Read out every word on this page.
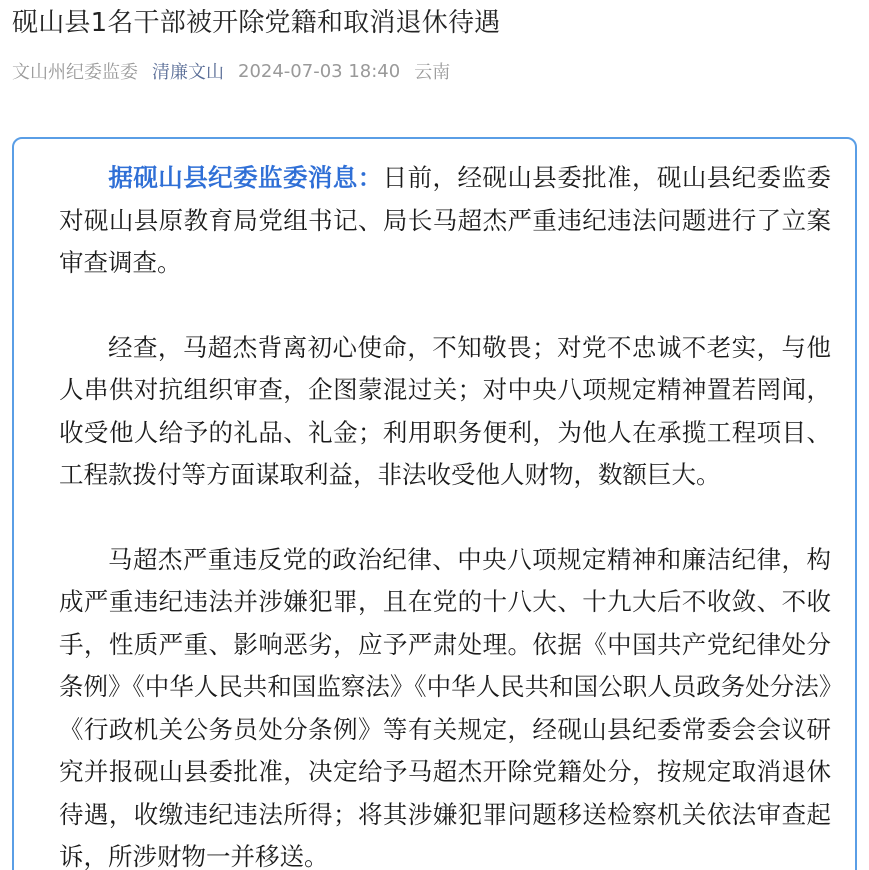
砚山县1名干部被开除党籍和取消退休待遇
文山州纪委监委 清廉文山 2024-07-03 18:40 云南

据砚山县纪委监委消息：日前，经砚山县委批准，砚山县纪委监委对砚山县原教育局党组书记、局长马超杰严重违纪违法问题进行了立案审查调查。

经查，马超杰背离初心使命，不知敬畏；对党不忠诚不老实，与他人串供对抗组织审查，企图蒙混过关；对中央八项规定精神置若罔闻，收受他人给予的礼品、礼金；利用职务便利，为他人在承揽工程项目、工程款拨付等方面谋取利益，非法收受他人财物，数额巨大。

马超杰严重违反党的政治纪律、中央八项规定精神和廉洁纪律，构成严重违纪违法并涉嫌犯罪，且在党的十八大、十九大后不收敛、不收手，性质严重、影响恶劣，应予严肃处理。依据《中国共产党纪律处分条例》《中华人民共和国监察法》《中华人民共和国公职人员政务处分法》《行政机关公务员处分条例》等有关规定，经砚山县纪委常委会会议研究并报砚山县委批准，决定给予马超杰开除党籍处分，按规定取消退休待遇，收缴违纪违法所得；将其涉嫌犯罪问题移送检察机关依法审查起诉，所涉财物一并移送。
